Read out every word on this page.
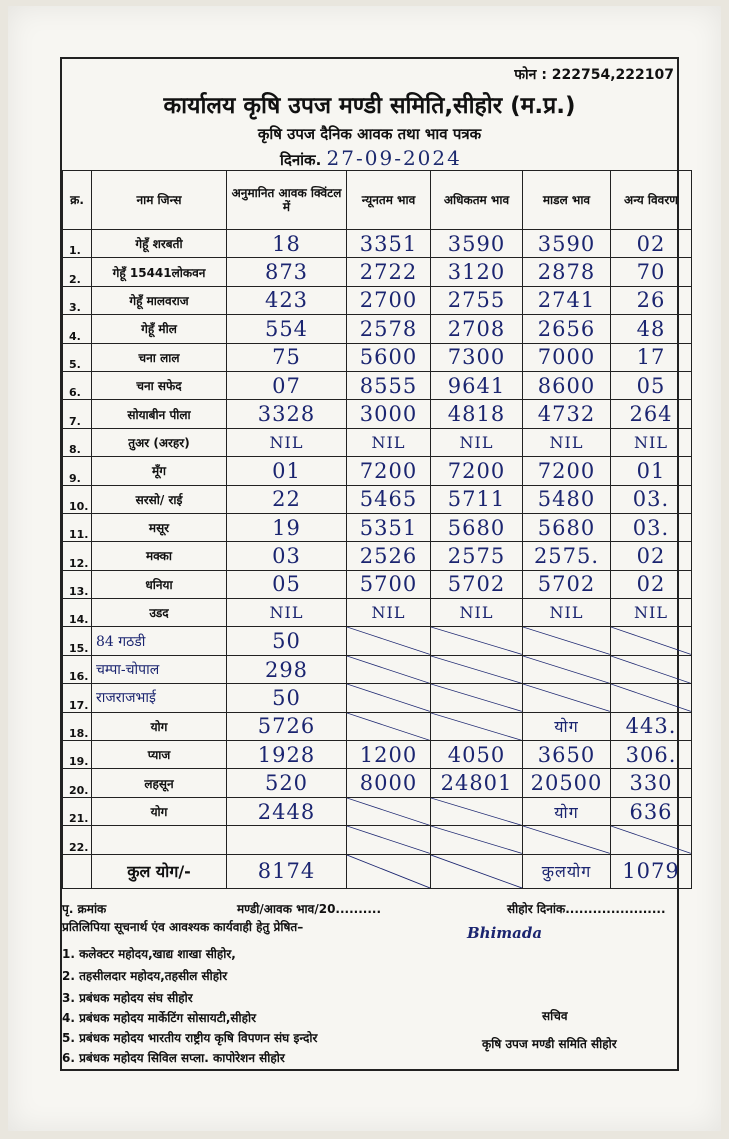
फोन : 222754,222107
कार्यालय कृषि उपज मण्डी समिति,सीहोर (म.प्र.)
कृषि उपज दैनिक आवक तथा भाव पत्रक
दिनांक. 27-09-2024
क्र.	नाम जिन्स	अनुमानित आवक क्विंटल में	न्यूनतम भाव	अधिकतम भाव	माडल भाव	अन्य विवरण
1.	गेहूँ शरबती	18	3351	3590	3590	02
2.	गेहूँ 15441लोकवन	873	2722	3120	2878	70
3.	गेहूँ मालवराज	423	2700	2755	2741	26
4.	गेहूँ मील	554	2578	2708	2656	48
5.	चना लाल	75	5600	7300	7000	17
6.	चना सफेद	07	8555	9641	8600	05
7.	सोयाबीन पीला	3328	3000	4818	4732	264
8.	तुअर (अरहर)	NIL	NIL	NIL	NIL	NIL
9.	मूँग	01	7200	7200	7200	01
10.	सरसो/ राई	22	5465	5711	5480	03.
11.	मसूर	19	5351	5680	5680	03.
12.	मक्का	03	2526	2575	2575.	02
13.	धनिया	05	5700	5702	5702	02
14.	उडद	NIL	NIL	NIL	NIL	NIL
15.	84 गठडी	50	

16.	चम्पा-चोपाल	298	

17.	राजराजभाई	50	

18.	योग	5726			योग	443.
19.	प्याज	1928	1200	4050	3650	306.
20.	लहसून	520	8000	24801	20500	330
21.	योग	2448			योग	636
22.			

	कुल योग/-	8174			कुलयोग	1079
पृ. क्रमांक	मण्डी/आवक भाव/20..........	सीहोर दिनांक......................
प्रतिलिपिया सूचनार्थ एंव आवश्यक कार्यवाही हेतु प्रेषित–	Bhimada
1. कलेक्टर महोदय,खाद्य शाखा सीहोर,
2. तहसीलदार महोदय,तहसील सीहोर
3. प्रबंधक महोदय संघ सीहोर
4. प्रबंधक महोदय मार्केटिंग सोसायटी,सीहोर
5. प्रबंधक महोदय भारतीय राष्ट्रीय कृषि विपणन संघ इन्दोर
6. प्रबंधक महोदय सिविल सप्ला. कापोरेशन सीहोर
सचिव
कृषि उपज मण्डी समिति सीहोर
